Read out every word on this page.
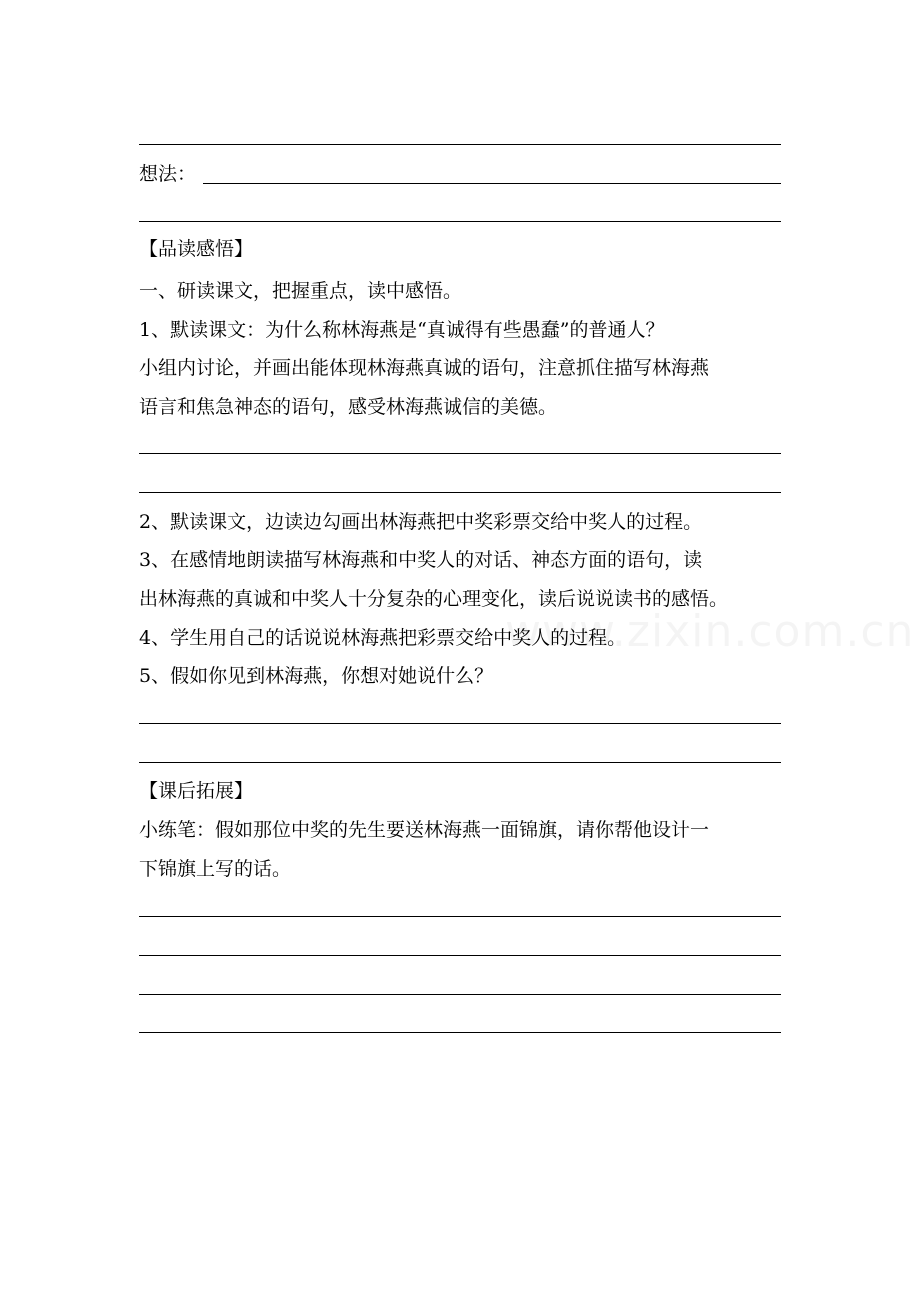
想法：
【品读感悟】
一、研读课文，把握重点，读中感悟。
1、默读课文：为什么称林海燕是“真诚得有些愚蠢”的普通人？
小组内讨论，并画出能体现林海燕真诚的语句，注意抓住描写林海燕
语言和焦急神态的语句，感受林海燕诚信的美德。
2、默读课文，边读边勾画出林海燕把中奖彩票交给中奖人的过程。
3、在感情地朗读描写林海燕和中奖人的对话、神态方面的语句，读
出林海燕的真诚和中奖人十分复杂的心理变化，读后说说读书的感悟。
4、学生用自己的话说说林海燕把彩票交给中奖人的过程。
5、假如你见到林海燕，你想对她说什么？
【课后拓展】
小练笔：假如那位中奖的先生要送林海燕一面锦旗，请你帮他设计一
下锦旗上写的话。
